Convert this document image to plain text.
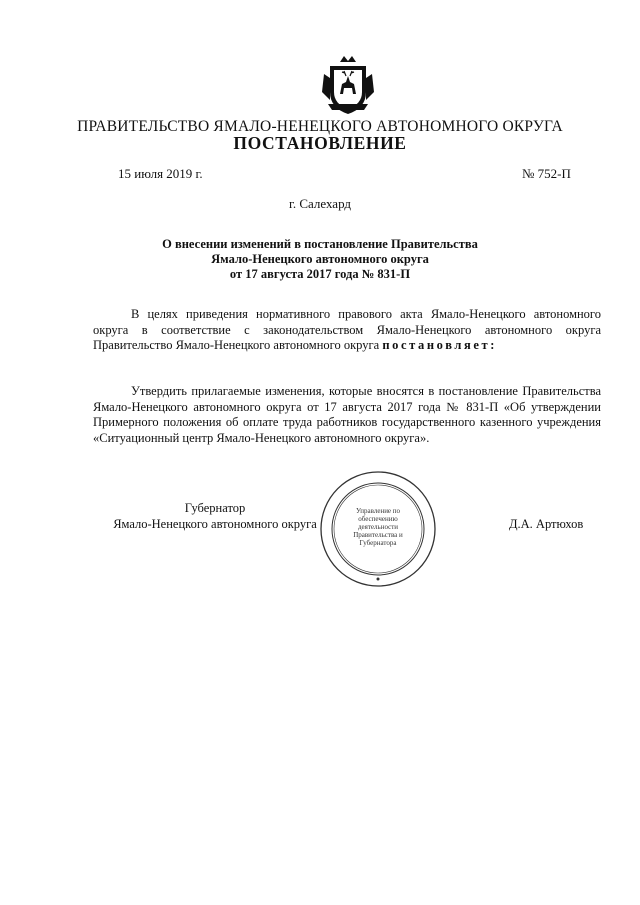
ПРАВИТЕЛЬСТВО ЯМАЛО-НЕНЕЦКОГО АВТОНОМНОГО ОКРУГА
ПОСТАНОВЛЕНИЕ
15 июля 2019 г.	№ 752-П
г. Салехард
О внесении изменений в постановление Правительства
Ямало-Ненецкого автономного округа
от 17 августа 2017 года № 831-П
В целях приведения нормативного правового акта Ямало-Ненецкого автономного округа в соответствие с законодательством Ямало-Ненецкого автономного округа Правительство Ямало-Ненецкого автономного округа постановляет:
Утвердить прилагаемые изменения, которые вносятся в постановление Правительства Ямало-Ненецкого автономного округа от 17 августа 2017 года № 831-П «Об утверждении Примерного положения об оплате труда работников государственного казенного учреждения «Ситуационный центр Ямало-Ненецкого автономного округа».
Губернатор
Ямало-Ненецкого автономного округа	Д.А. Артюхов
Управление по обеспечению деятельности Правительства и Губернатора
